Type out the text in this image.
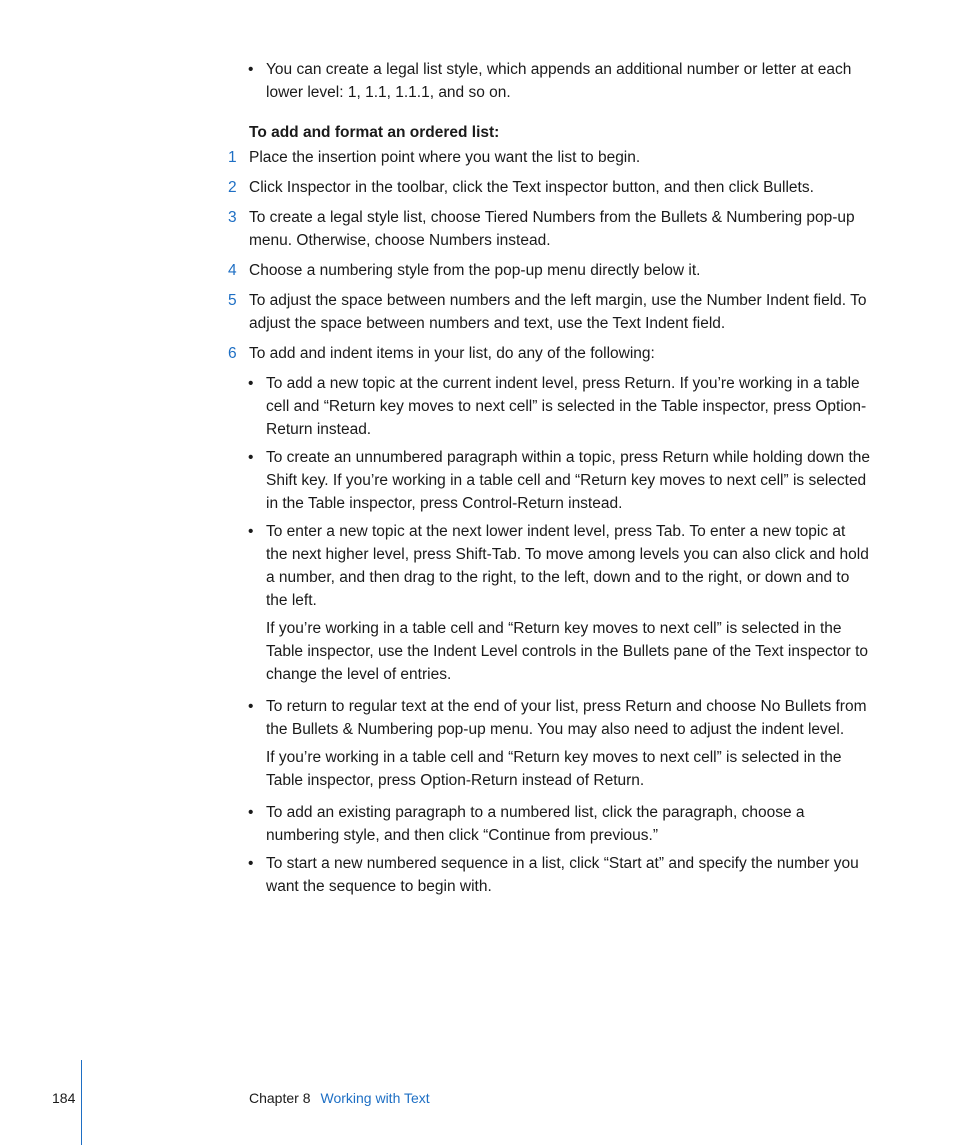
• You can create a legal list style, which appends an additional number or letter at each lower level: 1, 1.1, 1.1.1, and so on.
To add and format an ordered list:
1 Place the insertion point where you want the list to begin.
2 Click Inspector in the toolbar, click the Text inspector button, and then click Bullets.
3 To create a legal style list, choose Tiered Numbers from the Bullets & Numbering pop-up menu. Otherwise, choose Numbers instead.
4 Choose a numbering style from the pop-up menu directly below it.
5 To adjust the space between numbers and the left margin, use the Number Indent field. To adjust the space between numbers and text, use the Text Indent field.
6 To add and indent items in your list, do any of the following:
• To add a new topic at the current indent level, press Return. If you’re working in a table cell and “Return key moves to next cell” is selected in the Table inspector, press Option-Return instead.
• To create an unnumbered paragraph within a topic, press Return while holding down the Shift key. If you’re working in a table cell and “Return key moves to next cell” is selected in the Table inspector, press Control-Return instead.
• To enter a new topic at the next lower indent level, press Tab. To enter a new topic at the next higher level, press Shift-Tab. To move among levels you can also click and hold a number, and then drag to the right, to the left, down and to the right, or down and to the left.
If you’re working in a table cell and “Return key moves to next cell” is selected in the Table inspector, use the Indent Level controls in the Bullets pane of the Text inspector to change the level of entries.
• To return to regular text at the end of your list, press Return and choose No Bullets from the Bullets & Numbering pop-up menu. You may also need to adjust the indent level.
If you’re working in a table cell and “Return key moves to next cell” is selected in the Table inspector, press Option-Return instead of Return.
• To add an existing paragraph to a numbered list, click the paragraph, choose a numbering style, and then click “Continue from previous.”
• To start a new numbered sequence in a list, click “Start at” and specify the number you want the sequence to begin with.
184	Chapter 8 Working with Text
